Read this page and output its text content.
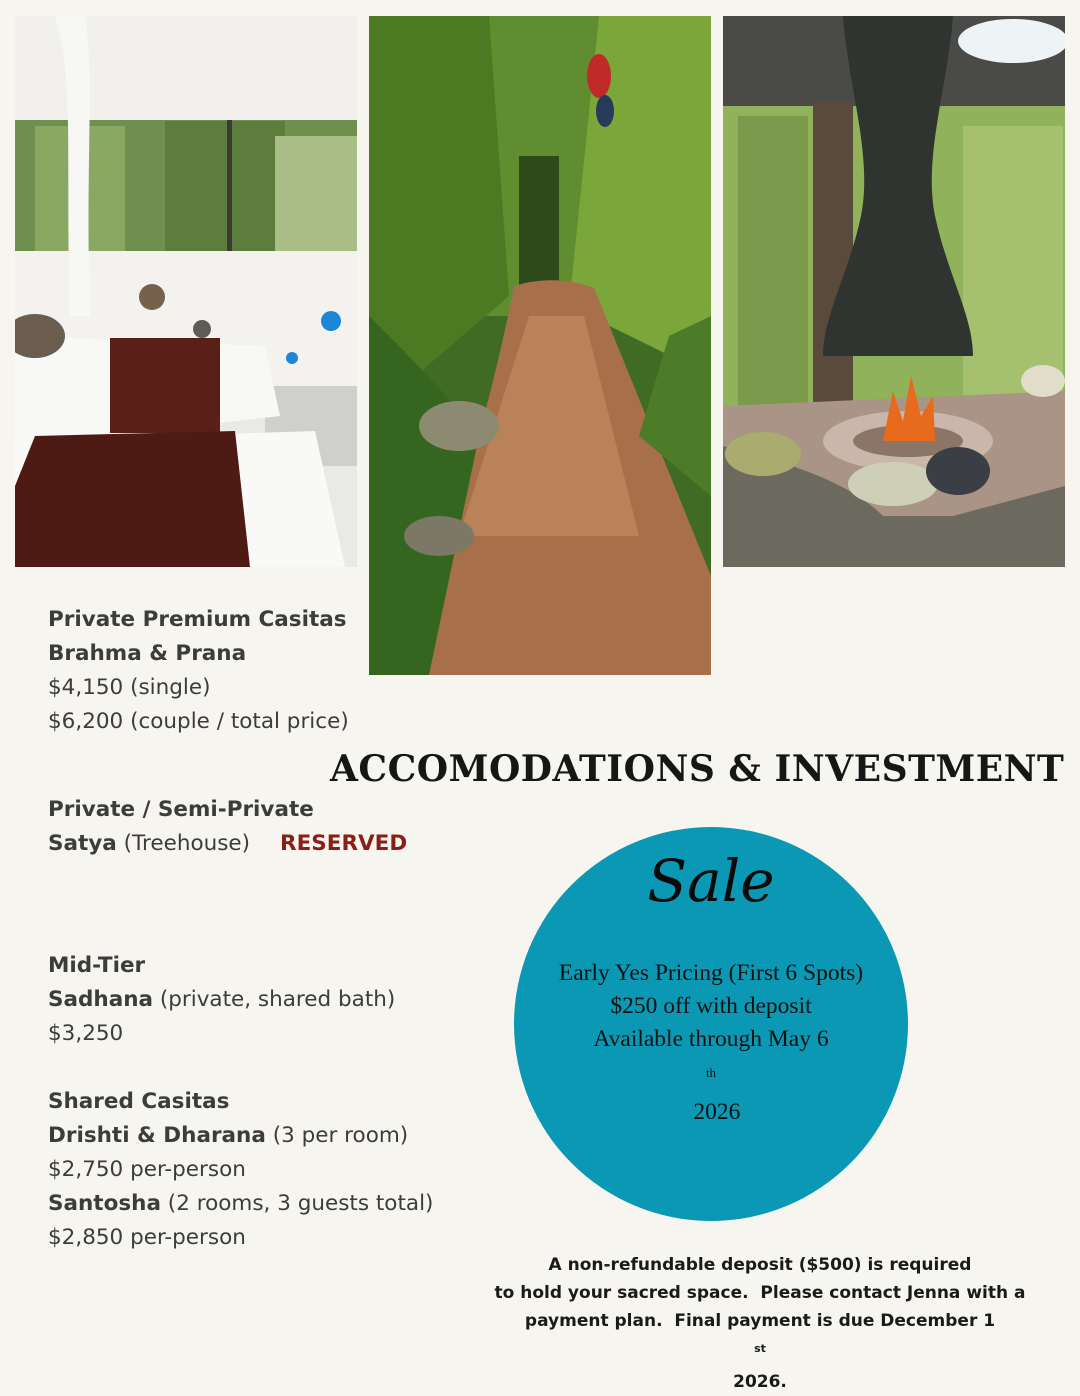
Private Premium Casitas
Brahma & Prana
$4,150 (single)
$6,200 (couple / total price)
Private / Semi-Private
Satya (Treehouse) RESERVED
Mid-Tier
Sadhana (private, shared bath)
$3,250
Shared Casitas
Drishti & Dharana (3 per room)
$2,750 per-person
Santosha (2 rooms, 3 guests total)
$2,850 per-person
ACCOMODATIONS & INVESTMENT
Sale
Early Yes Pricing (First 6 Spots)
$250 off with deposit
Available through May 6
$^{th}$
2026
A non-refundable deposit ($500) is required
to hold your sacred space.  Please contact Jenna with a
payment plan.  Final payment is due December 1
$^{st}$
2026.
